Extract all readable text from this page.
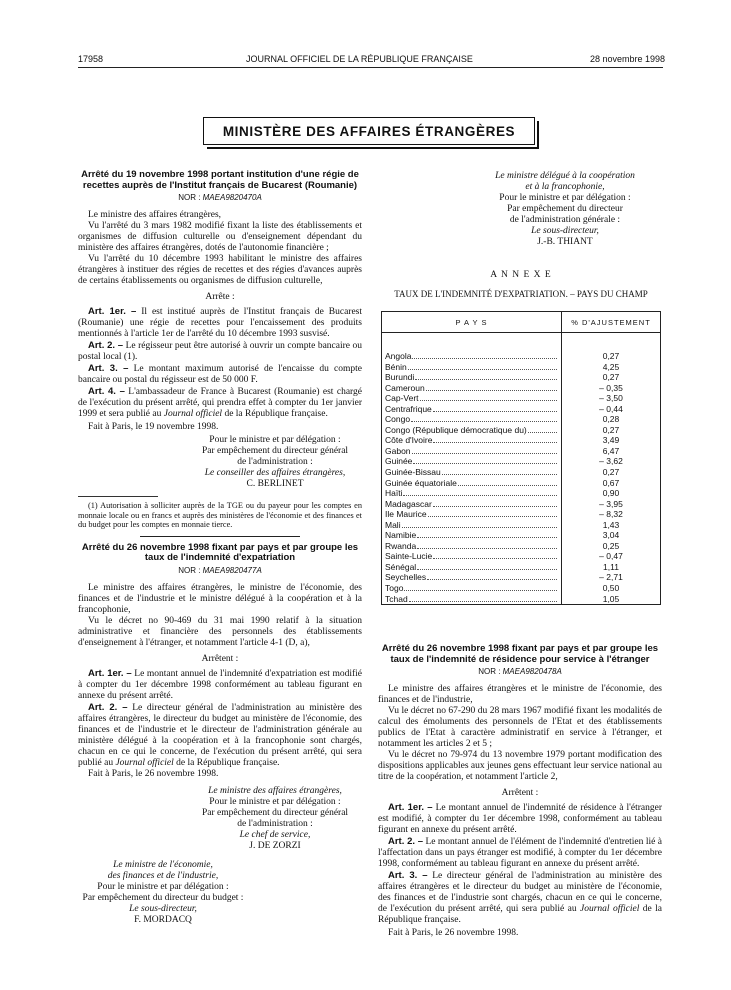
17958	JOURNAL OFFICIEL DE LA RÉPUBLIQUE FRANÇAISE	28 novembre 1998
MINISTÈRE DES AFFAIRES ÉTRANGÈRES
Arrêté du 19 novembre 1998 portant institution d'une régie de recettes auprès de l'Institut français de Bucarest (Roumanie)
NOR : MAEA9820470A

Le ministre des affaires étrangères,

Vu l'arrêté du 3 mars 1982 modifié fixant la liste des établissements et organismes de diffusion culturelle ou d'enseignement dépendant du ministère des affaires étrangères, dotés de l'autonomie financière ;

Vu l'arrêté du 10 décembre 1993 habilitant le ministre des affaires étrangères à instituer des régies de recettes et des régies d'avances auprès de certains établissements ou organismes de diffusion culturelle,

Arrête :

Art. 1er. – Il est institué auprès de l'Institut français de Bucarest (Roumanie) une régie de recettes pour l'encaissement des produits mentionnés à l'article 1er de l'arrêté du 10 décembre 1993 susvisé.

Art. 2. – Le régisseur peut être autorisé à ouvrir un compte bancaire ou postal local (1).

Art. 3. – Le montant maximum autorisé de l'encaisse du compte bancaire ou postal du régisseur est de 50 000 F.

Art. 4. – L'ambassadeur de France à Bucarest (Roumanie) est chargé de l'exécution du présent arrêté, qui prendra effet à compter du 1er janvier 1999 et sera publié au Journal officiel de la République française.

Fait à Paris, le 19 novembre 1998.

Pour le ministre et par délégation :
Par empêchement du directeur général
de l'administration :
Le conseiller des affaires étrangères,
C. BERLINET

(1) Autorisation à solliciter auprès de la TGE ou du payeur pour les comptes en monnaie locale ou en francs et auprès des ministères de l'économie et des finances et du budget pour les comptes en monnaie tierce.

Arrêté du 26 novembre 1998 fixant par pays et par groupe les taux de l'indemnité d'expatriation
NOR : MAEA9820477A

Le ministre des affaires étrangères, le ministre de l'économie, des finances et de l'industrie et le ministre délégué à la coopération et à la francophonie,

Vu le décret no 90-469 du 31 mai 1990 relatif à la situation administrative et financière des personnels des établissements d'enseignement à l'étranger, et notamment l'article 4-1 (D, a),

Arrêtent :

Art. 1er. – Le montant annuel de l'indemnité d'expatriation est modifié à compter du 1er décembre 1998 conformément au tableau figurant en annexe du présent arrêté.

Art. 2. – Le directeur général de l'administration au ministère des affaires étrangères, le directeur du budget au ministère de l'économie, des finances et de l'industrie et le directeur de l'administration générale au ministère délégué à la coopération et à la francophonie sont chargés, chacun en ce qui le concerne, de l'exécution du présent arrêté, qui sera publié au Journal officiel de la République française.

Fait à Paris, le 26 novembre 1998.

Le ministre des affaires étrangères,
Pour le ministre et par délégation :
Par empêchement du directeur général
de l'administration :
Le chef de service,
J. DE ZORZI
Le ministre de l'économie,
des finances et de l'industrie,
Pour le ministre et par délégation :
Par empêchement du directeur du budget :
Le sous-directeur,
F. MORDACQ
Le ministre délégué à la coopération
et à la francophonie,
Pour le ministre et par délégation :
Par empêchement du directeur
de l'administration générale :
Le sous-directeur,
J.-B. THIANT
A N N E X E
TAUX DE L'INDEMNITÉ D'EXPATRIATION. – PAYS DU CHAMP
P A Y S	% D'AJUSTEMENT

Angola	0,27
Bénin	4,25
Burundi	0,27
Cameroun	– 0,35
Cap-Vert	– 3,50
Centrafrique	– 0,44
Congo	0,28
Congo (République démocratique du)	0,27
Côte d'Ivoire	3,49
Gabon	6,47
Guinée	– 3,62
Guinée-Bissau	0,27
Guinée équatoriale	0,67
Haïti	0,90
Madagascar	– 3,95
Ile Maurice	– 8,32
Mali	1,43
Namibie	3,04
Rwanda	0,25
Sainte-Lucie	– 0,47
Sénégal	1,11
Seychelles	– 2,71
Togo	0,50
Tchad	1,05
Arrêté du 26 novembre 1998 fixant par pays et par groupe les taux de l'indemnité de résidence pour service à l'étranger
NOR : MAEA9820478A

Le ministre des affaires étrangères et le ministre de l'économie, des finances et de l'industrie,

Vu le décret no 67-290 du 28 mars 1967 modifié fixant les modalités de calcul des émoluments des personnels de l'Etat et des établissements publics de l'Etat à caractère administratif en service à l'étranger, et notamment les articles 2 et 5 ;

Vu le décret no 79-974 du 13 novembre 1979 portant modification des dispositions applicables aux jeunes gens effectuant leur service national au titre de la coopération, et notamment l'article 2,

Arrêtent :

Art. 1er. – Le montant annuel de l'indemnité de résidence à l'étranger est modifié, à compter du 1er décembre 1998, conformément au tableau figurant en annexe du présent arrêté.

Art. 2. – Le montant annuel de l'élément de l'indemnité d'entretien lié à l'affectation dans un pays étranger est modifié, à compter du 1er décembre 1998, conformément au tableau figurant en annexe du présent arrêté.

Art. 3. – Le directeur général de l'administration au ministère des affaires étrangères et le directeur du budget au ministère de l'économie, des finances et de l'industrie sont chargés, chacun en ce qui le concerne, de l'exécution du présent arrêté, qui sera publié au Journal officiel de la République française.

Fait à Paris, le 26 novembre 1998.
